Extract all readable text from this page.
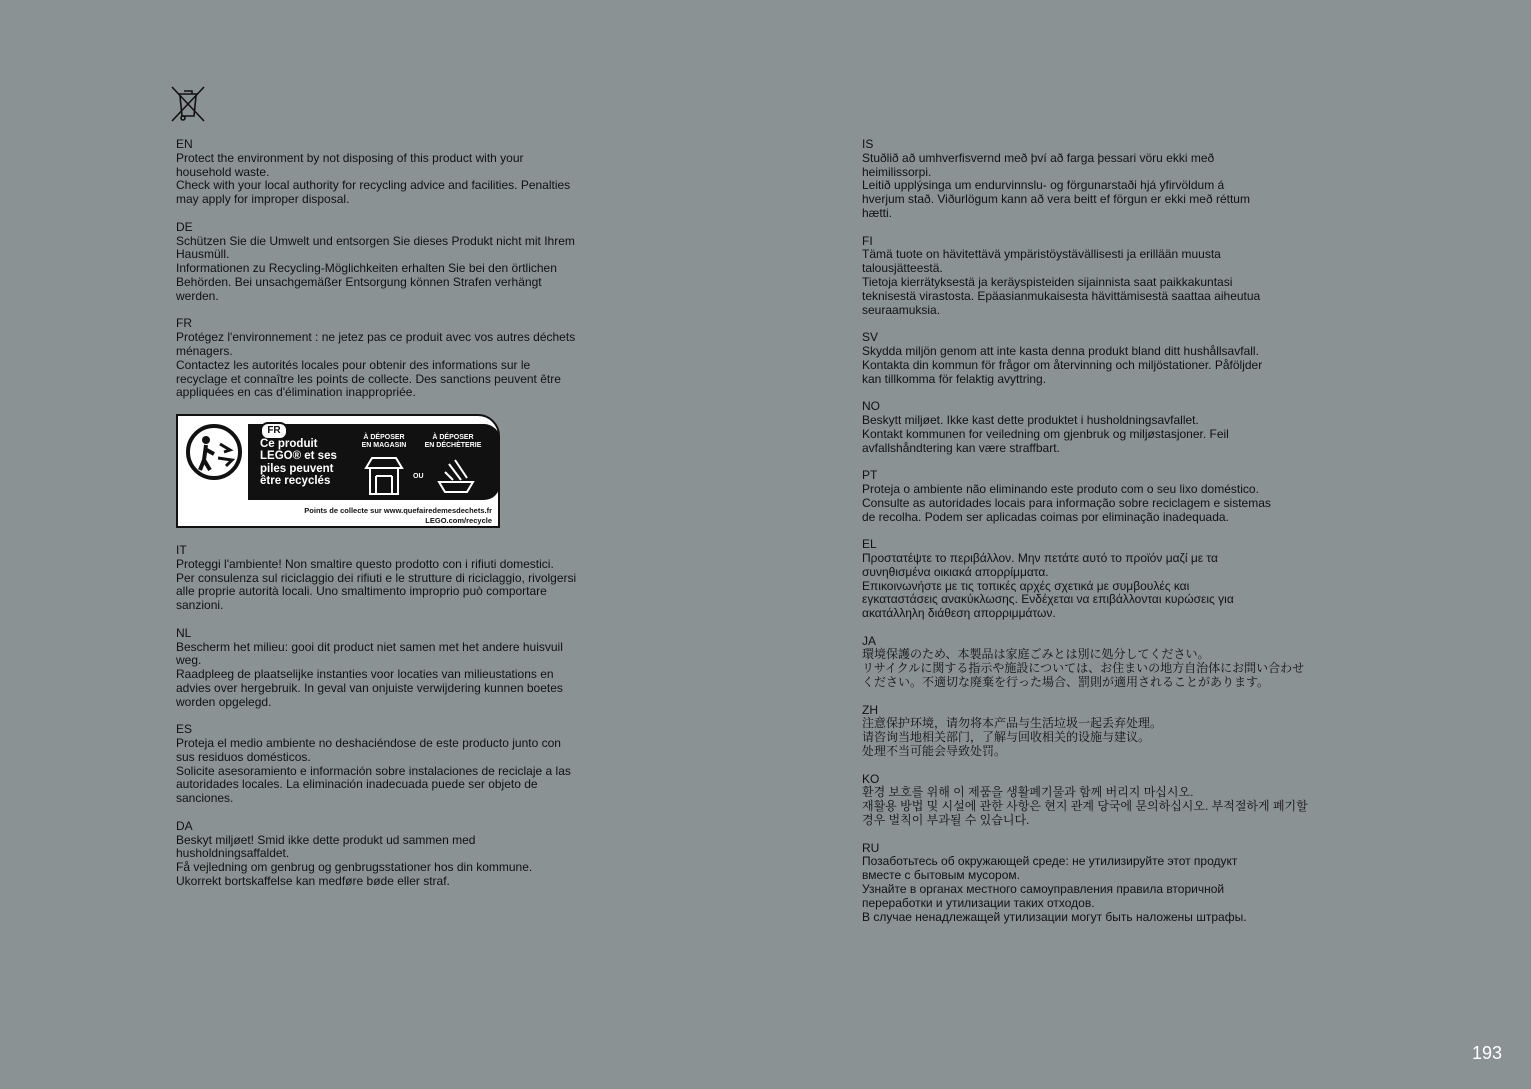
EN

Protect the environment by not disposing of this product with your

household waste.

Check with your local authority for recycling advice and facilities. Penalties

may apply for improper disposal.

DE

Schützen Sie die Umwelt und entsorgen Sie dieses Produkt nicht mit Ihrem

Hausmüll.

Informationen zu Recycling-Möglichkeiten erhalten Sie bei den örtlichen

Behörden. Bei unsachgemäßer Entsorgung können Strafen verhängt

werden.

FR

Protégez l'environnement : ne jetez pas ce produit avec vos autres déchets

ménagers.

Contactez les autorités locales pour obtenir des informations sur le

recyclage et connaître les points de collecte. Des sanctions peuvent être

appliquées en cas d'élimination inappropriée.

FR
Ce produit
LEGO® et ses
piles peuvent
être recyclés
À DÉPOSER
EN MAGASIN
À DÉPOSER
EN DÉCHÈTERIE
OU
Points de collecte sur www.quefairedemesdechets.fr
LEGO.com/recycle
IT

Proteggi l'ambiente! Non smaltire questo prodotto con i rifiuti domestici.

Per consulenza sul riciclaggio dei rifiuti e le strutture di riciclaggio, rivolgersi

alle proprie autorità locali. Uno smaltimento improprio può comportare

sanzioni.

NL

Bescherm het milieu: gooi dit product niet samen met het andere huisvuil

weg.

Raadpleeg de plaatselijke instanties voor locaties van milieustations en

advies over hergebruik. In geval van onjuiste verwijdering kunnen boetes

worden opgelegd.

ES

Proteja el medio ambiente no deshaciéndose de este producto junto con

sus residuos domésticos.

Solicite asesoramiento e información sobre instalaciones de reciclaje a las

autoridades locales. La eliminación inadecuada puede ser objeto de

sanciones.

DA

Beskyt miljøet! Smid ikke dette produkt ud sammen med

husholdningsaffaldet.

Få vejledning om genbrug og genbrugsstationer hos din kommune.

Ukorrekt bortskaffelse kan medføre bøde eller straf.

IS

Stuðlið að umhverfisvernd með því að farga þessari vöru ekki með

heimilissorpi.

Leitið upplýsinga um endurvinnslu- og förgunarstaði hjá yfirvöldum á

hverjum stað. Viðurlögum kann að vera beitt ef förgun er ekki með réttum

hætti.

FI

Tämä tuote on hävitettävä ympäristöystävällisesti ja erillään muusta

talousjätteestä.

Tietoja kierrätyksestä ja keräyspisteiden sijainnista saat paikkakuntasi

teknisestä virastosta. Epäasianmukaisesta hävittämisestä saattaa aiheutua

seuraamuksia.

SV

Skydda miljön genom att inte kasta denna produkt bland ditt hushållsavfall.

Kontakta din kommun för frågor om återvinning och miljöstationer. Påföljder

kan tillkomma för felaktig avyttring.

NO

Beskytt miljøet. Ikke kast dette produktet i husholdningsavfallet.

Kontakt kommunen for veiledning om gjenbruk og miljøstasjoner. Feil

avfallshåndtering kan være straffbart.

PT

Proteja o ambiente não eliminando este produto com o seu lixo doméstico.

Consulte as autoridades locais para informação sobre reciclagem e sistemas

de recolha. Podem ser aplicadas coimas por eliminação inadequada.

EL

Προστατέψτε το περιβάλλον. Μην πετάτε αυτό το προϊόν μαζί με τα

συνηθισμένα οικιακά απορρίμματα.

Επικοινωνήστε με τις τοπικές αρχές σχετικά με συμβουλές και

εγκαταστάσεις ανακύκλωσης. Ενδέχεται να επιβάλλονται κυρώσεις για

ακατάλληλη διάθεση απορριμμάτων.

JA

環境保護のため、本製品は家庭ごみとは別に処分してください。

リサイクルに関する指示や施設については、お住まいの地方自治体にお問い合わせ

ください。不適切な廃棄を行った場合、罰則が適用されることがあります。

ZH

注意保护环境，请勿将本产品与生活垃圾一起丢弃处理。

请咨询当地相关部门，了解与回收相关的设施与建议。

处理不当可能会导致处罚。

KO

환경 보호를 위해 이 제품을 생활폐기물과 함께 버리지 마십시오.

재활용 방법 및 시설에 관한 사항은 현지 관계 당국에 문의하십시오. 부적절하게 폐기할

경우 벌칙이 부과될 수 있습니다.

RU

Позаботьтесь об окружающей среде: не утилизируйте этот продукт

вместе с бытовым мусором.

Узнайте в органах местного самоуправления правила вторичной

переработки и утилизации таких отходов.

В случае ненадлежащей утилизации могут быть наложены штрафы.

193
